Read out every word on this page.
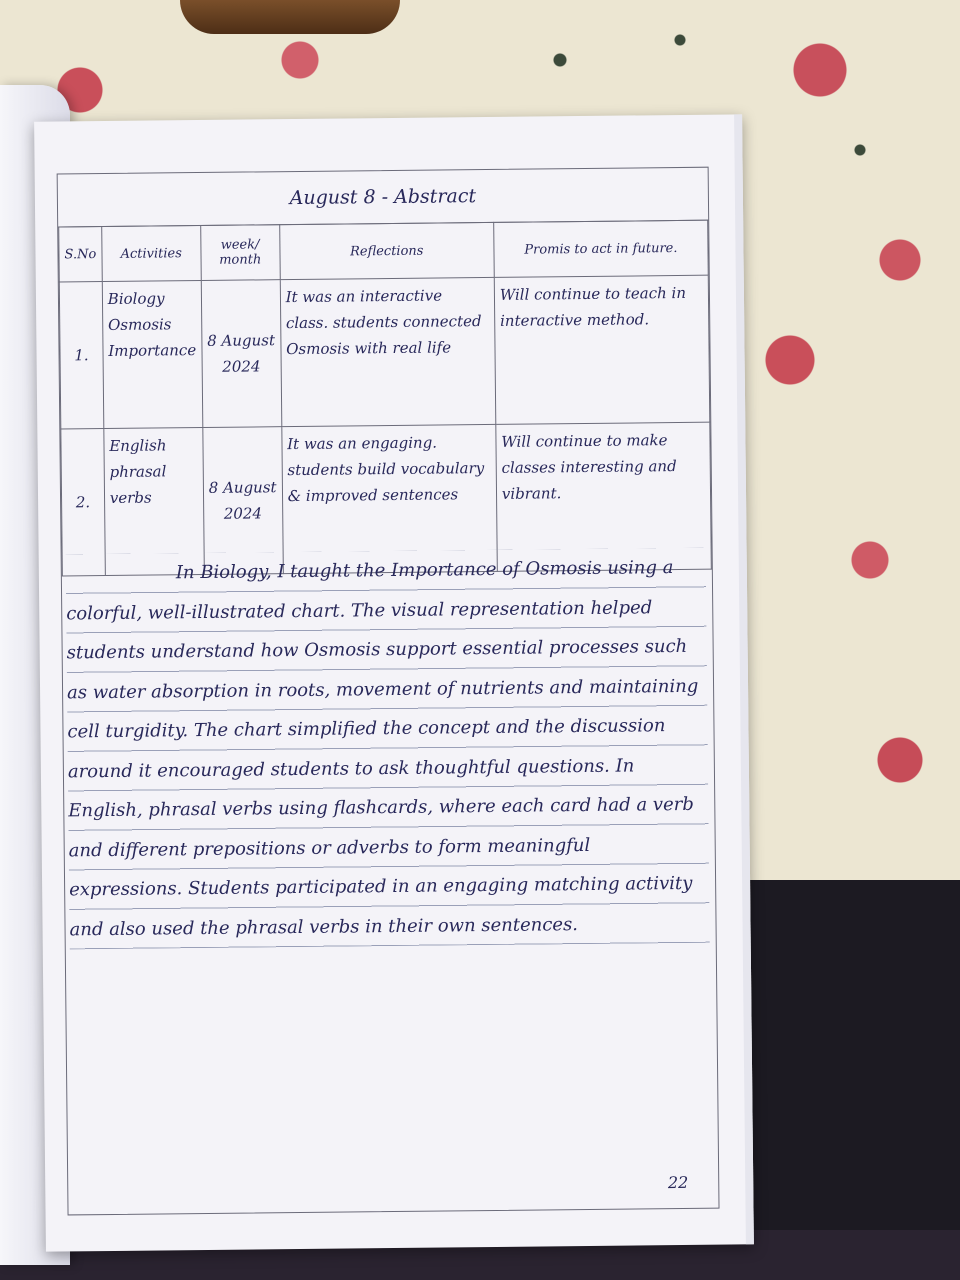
August 8 - Abstract
S.No	Activities	week/ month	Reflections	Promis to act in future.
1.	Biology Osmosis Importance	8 August 2024	It was an interactive class. students connected Osmosis with real life	Will continue to teach in interactive method.
2.	English phrasal verbs	8 August 2024	It was an engaging. students build vocabulary & improved sentences	Will continue to make classes interesting and vibrant.

In Biology, I taught the Importance of Osmosis using a colorful, well-illustrated chart. The visual representation helped students understand how Osmosis support essential processes such as water absorption in roots, movement of nutrients and maintaining cell turgidity. The chart simplified the concept and the discussion around it encouraged students to ask thoughtful questions. In English, phrasal verbs using flashcards, where each card had a verb and different prepositions or adverbs to form meaningful expressions. Students participated in an engaging matching activity and also used the phrasal verbs in their own sentences.

22
